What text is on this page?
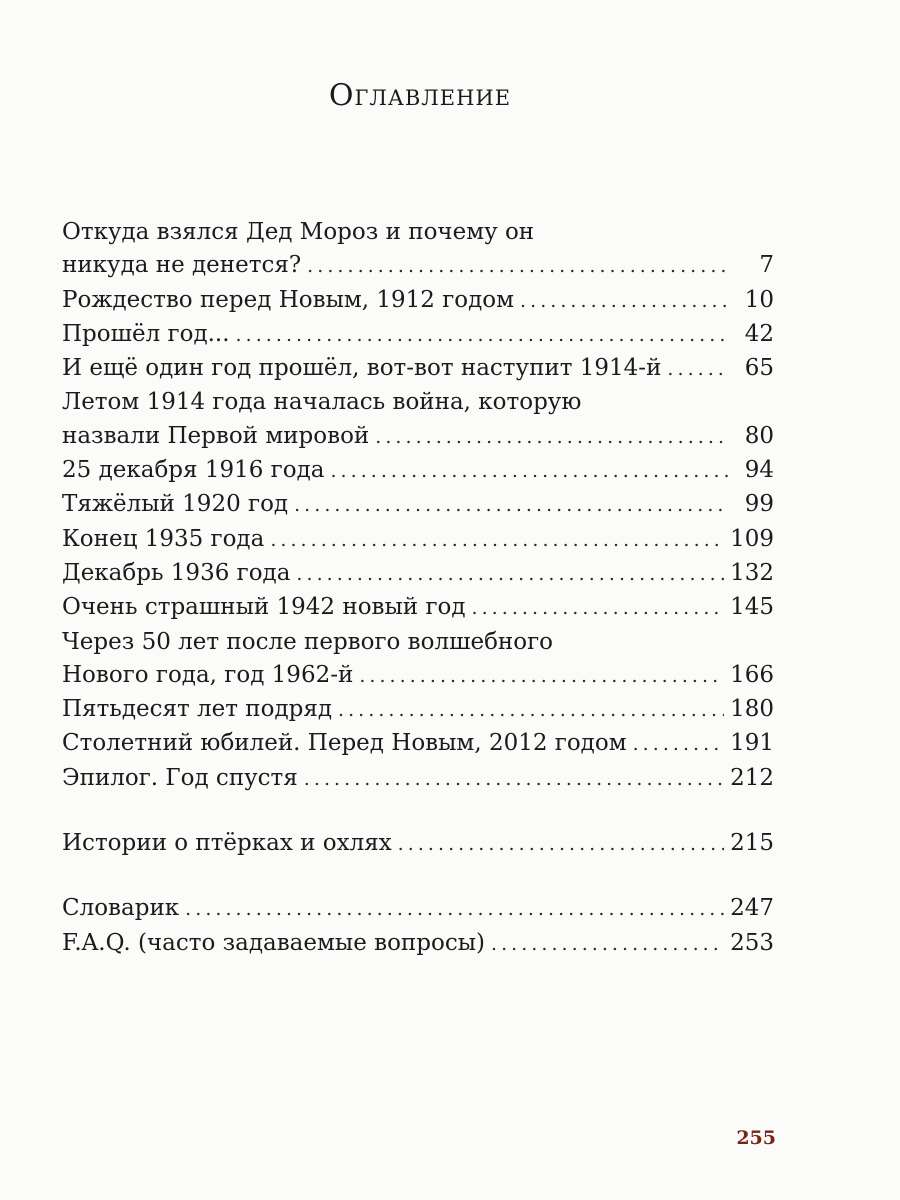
Оглавление
Откуда взялся Дед Мороз и почему он
никуда не денется? . . .	7
Рождество перед Новым, 1912 годом . . .	10
Прошёл год... . . .	42
И ещё один год прошёл, вот-вот наступит 1914-й . . .	65
Летом 1914 года началась война, которую
назвали Первой мировой . . .	80
25 декабря 1916 года . . .	94
Тяжёлый 1920 год . . .	99
Конец 1935 года . . .	109
Декабрь 1936 года . . .	132
Очень страшный 1942 новый год . . .	145
Через 50 лет после первого волшебного
Нового года, год 1962-й . . .	166
Пятьдесят лет подряд . . .	180
Столетний юбилей. Перед Новым, 2012 годом . . .	191
Эпилог. Год спустя . . .	212
Истории о птёрках и охлях . . .	215
Словарик . . .	247
F.A.Q. (часто задаваемые вопросы) . . .	253
255
